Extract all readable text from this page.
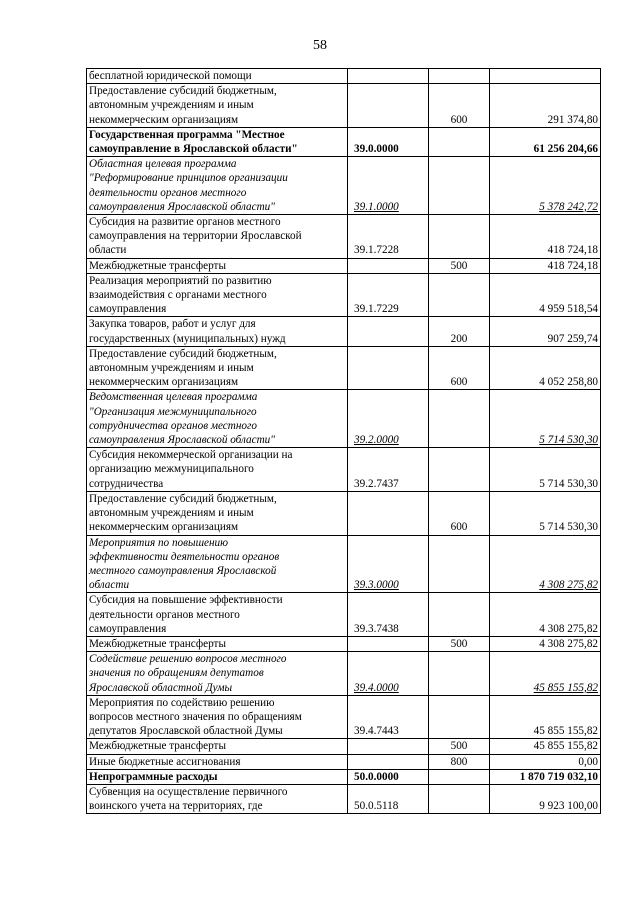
58
бесплатной юридической помощи			
Предоставление субсидий бюджетным,
автономным учреждениям и иным
некоммерческим организациям		600	291 374,80
Государственная программа "Местное
самоуправление в Ярославской области"	39.0.0000		61 256 204,66
Областная целевая программа
"Реформирование принципов организации
деятельности органов местного
самоуправления Ярославской области"	39.1.0000		5 378 242,72
Субсидия на развитие органов местного
самоуправления на территории Ярославской
области	39.1.7228		418 724,18
Межбюджетные трансферты		500	418 724,18
Реализация мероприятий по развитию
взаимодействия с органами местного
самоуправления	39.1.7229		4 959 518,54
Закупка товаров, работ и услуг для
государственных (муниципальных) нужд		200	907 259,74
Предоставление субсидий бюджетным,
автономным учреждениям и иным
некоммерческим организациям		600	4 052 258,80
Ведомственная целевая программа
"Организация межмуниципального
сотрудничества органов местного
самоуправления Ярославской области"	39.2.0000		5 714 530,30
Субсидия некоммерческой организации на
организацию межмуниципального
сотрудничества	39.2.7437		5 714 530,30
Предоставление субсидий бюджетным,
автономным учреждениям и иным
некоммерческим организациям		600	5 714 530,30
Мероприятия по повышению
эффективности деятельности органов
местного самоуправления Ярославской
области	39.3.0000		4 308 275,82
Субсидия на повышение эффективности
деятельности органов местного
самоуправления	39.3.7438		4 308 275,82
Межбюджетные трансферты		500	4 308 275,82
Содействие решению вопросов местного
значения по обращениям депутатов
Ярославской областной Думы	39.4.0000		45 855 155,82
Мероприятия по содействию решению
вопросов местного значения по обращениям
депутатов Ярославской областной Думы	39.4.7443		45 855 155,82
Межбюджетные трансферты		500	45 855 155,82
Иные бюджетные ассигнования		800	0,00
Непрограммные расходы	50.0.0000		1 870 719 032,10
Субвенция на осуществление первичного
воинского учета на территориях, где	50.0.5118		9 923 100,00
